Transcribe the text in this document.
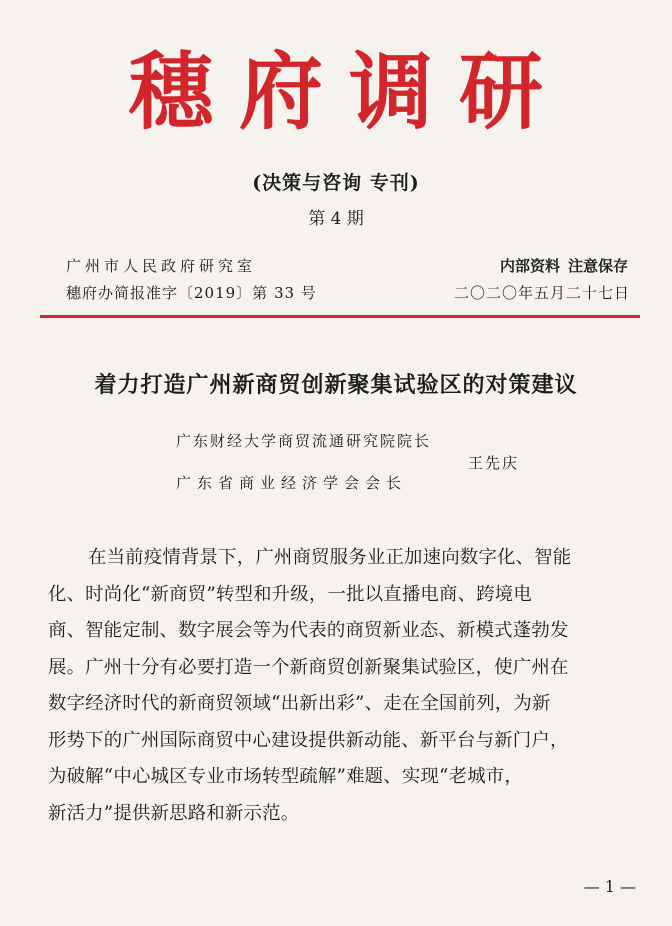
穗府调研
(决策与咨询 专刊)
第 4 期
广州市人民政府研究室
穗府办简报准字〔2019〕第 33 号
内部资料 注意保存
二〇二〇年五月二十七日
着力打造广州新商贸创新聚集试验区的对策建议
广东财经大学商贸流通研究院院长
王先庆
广东省商业经济学会会长

在当前疫情背景下，广州商贸服务业正加速向数字化、智能

化、时尚化“新商贸”转型和升级，一批以直播电商、跨境电

商、智能定制、数字展会等为代表的商贸新业态、新模式蓬勃发

展。广州十分有必要打造一个新商贸创新聚集试验区，使广州在

数字经济时代的新商贸领域“出新出彩”、走在全国前列，为新

形势下的广州国际商贸中心建设提供新动能、新平台与新门户，

为破解“中心城区专业市场转型疏解”难题、实现“老城市，

新活力”提供新思路和新示范。

— 1 —
